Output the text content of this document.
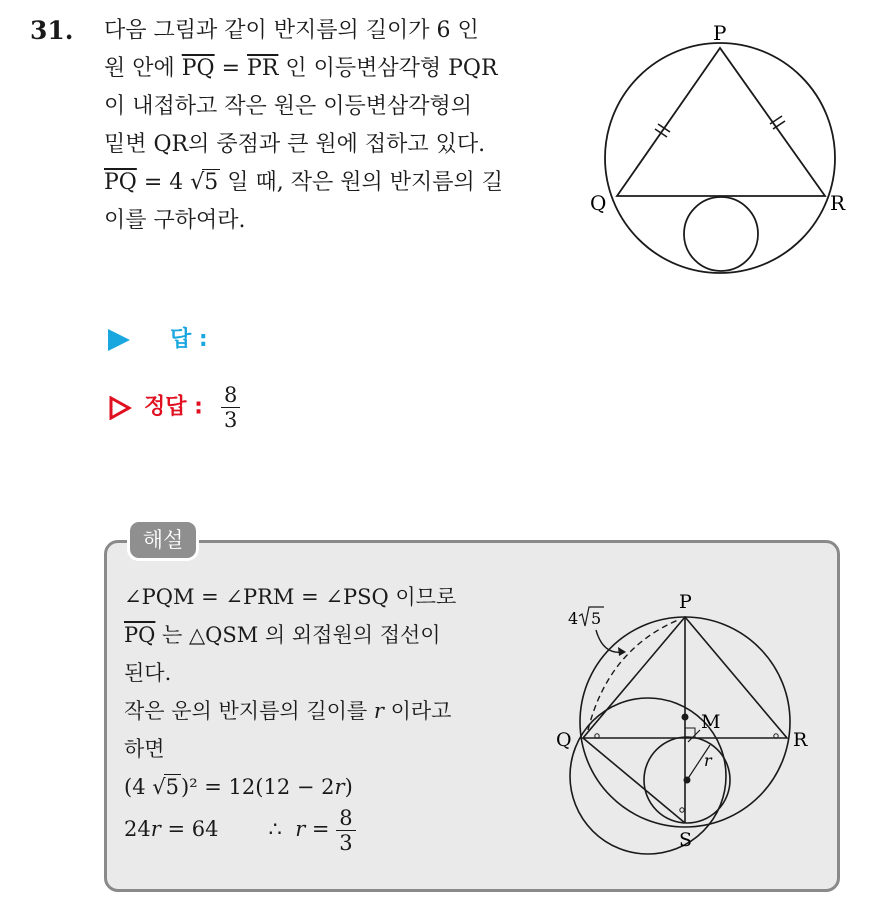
31. 다음 그림과 같이 반지름의 길이가 6 인
원 안에 $\overline{PQ} = \overline{PR}$ 인 이등변삼각형 PQR
이 내접하고 작은 원은 이등변삼각형의
밑변 QR의 중점과 큰 원에 접하고 있다.
$\overline{PQ} = 4$ √5 일 때, 작은 원의 반지름의 길
이를 구하여라.
P
Q	R
답 :
정답 : $\frac{8}{3}$
해설
∠PQM = ∠PRM = ∠PSQ 이므로
$\overline{PQ}$ 는 △QSM 의 외접원의 접선이
된다.
작은 운의 반지름의 길이를 r 이라고
하면
(4 √5)² = 12(12 − 2r)
24r = 64 ∴ $r = \frac{8}{3}$
P
Q	R
M
S
r
4 5
